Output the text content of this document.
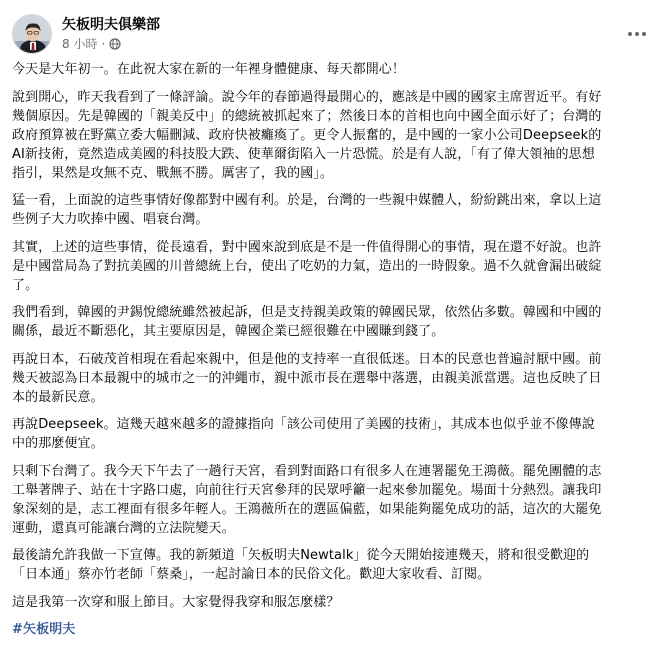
矢板明夫俱樂部
8 小時 ·

今天是大年初一。在此祝大家在新的一年裡身體健康、每天都開心！

說到開心，昨天我看到了一條評論。說今年的春節過得最開心的，應該是中國的國家主席習近平。有好
幾個原因。先是韓國的「親美反中」的總統被抓起來了；然後日本的首相也向中國全面示好了；台灣的
政府預算被在野黨立委大幅刪減、政府快被癱瘓了。更令人振奮的，是中國的一家小公司Deepseek的
AI新技術，竟然造成美國的科技股大跌、使華爾街陷入一片恐慌。於是有人說，「有了偉大領袖的思想
指引，果然是攻無不克、戰無不勝。厲害了，我的國」。

猛一看，上面說的這些事情好像都對中國有利。於是，台灣的一些親中媒體人，紛紛跳出來，拿以上這
些例子大力吹捧中國、唱衰台灣。

其實，上述的這些事情，從長遠看，對中國來說到底是不是一件值得開心的事情，現在還不好說。也許
是中國當局為了對抗美國的川普總統上台，使出了吃奶的力氣，造出的一時假象。過不久就會漏出破綻
了。

我們看到，韓國的尹錫悅總統雖然被起訴，但是支持親美政策的韓國民眾，依然佔多數。韓國和中國的
關係，最近不斷惡化，其主要原因是，韓國企業已經很難在中國賺到錢了。

再說日本，石破茂首相現在看起來親中，但是他的支持率一直很低迷。日本的民意也普遍討厭中國。前
幾天被認為日本最親中的城市之一的沖繩市，親中派市長在選舉中落選，由親美派當選。這也反映了日
本的最新民意。

再說Deepseek。這幾天越來越多的證據指向「該公司使用了美國的技術」，其成本也似乎並不像傳說
中的那麼便宜。

只剩下台灣了。我今天下午去了一趟行天宮，看到對面路口有很多人在連署罷免王鴻薇。罷免團體的志
工舉著牌子、站在十字路口處，向前往行天宮參拜的民眾呼籲一起來參加罷免。場面十分熱烈。讓我印
象深刻的是，志工裡面有很多年輕人。王鴻薇所在的選區偏藍，如果能夠罷免成功的話，這次的大罷免
運動，還真可能讓台灣的立法院變天。

最後請允許我做一下宣傳。我的新頻道「矢板明夫Newtalk」從今天開始接連幾天，將和很受歡迎的
「日本通」蔡亦竹老師「蔡桑」，一起討論日本的民俗文化。歡迎大家收看、訂閱。

這是我第一次穿和服上節目。大家覺得我穿和服怎麼樣？

#矢板明夫
